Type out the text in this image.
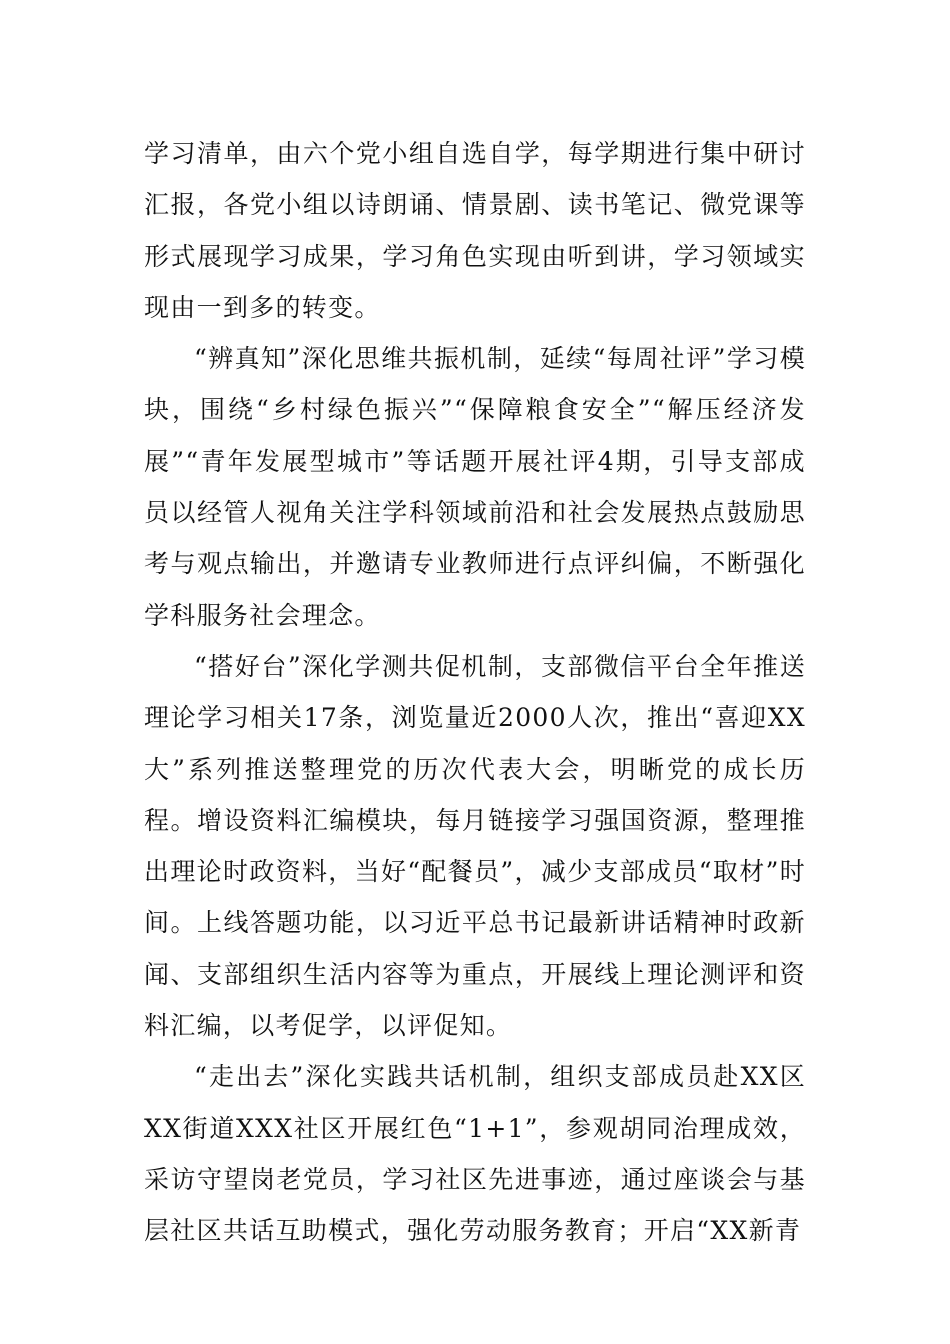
学习清单，由六个党小组自选自学，每学期进行集中研讨汇报，各党小组以诗朗诵、情景剧、读书笔记、微党课等形式展现学习成果，学习角色实现由听到讲，学习领域实现由一到多的转变。

“辨真知”深化思维共振机制，延续“每周社评”学习模块，围绕“乡村绿色振兴”“保障粮食安全”“解压经济发展”“青年发展型城市”等话题开展社评4期，引导支部成员以经管人视角关注学科领域前沿和社会发展热点鼓励思考与观点输出，并邀请专业教师进行点评纠偏，不断强化学科服务社会理念。

“搭好台”深化学测共促机制，支部微信平台全年推送理论学习相关17条，浏览量近2000人次，推出“喜迎XX大”系列推送整理党的历次代表大会，明晰党的成长历程。增设资料汇编模块，每月链接学习强国资源，整理推出理论时政资料，当好“配餐员”，减少支部成员“取材”时间。上线答题功能，以习近平总书记最新讲话精神时政新闻、支部组织生活内容等为重点，开展线上理论测评和资料汇编，以考促学，以评促知。

“走出去”深化实践共话机制，组织支部成员赴XX区XX街道XXX社区开展红色“1+1”，参观胡同治理成效，采访守望岗老党员，学习社区先进事迹，通过座谈会与基层社区共话互助模式，强化劳动服务教育；开启“XX新青
